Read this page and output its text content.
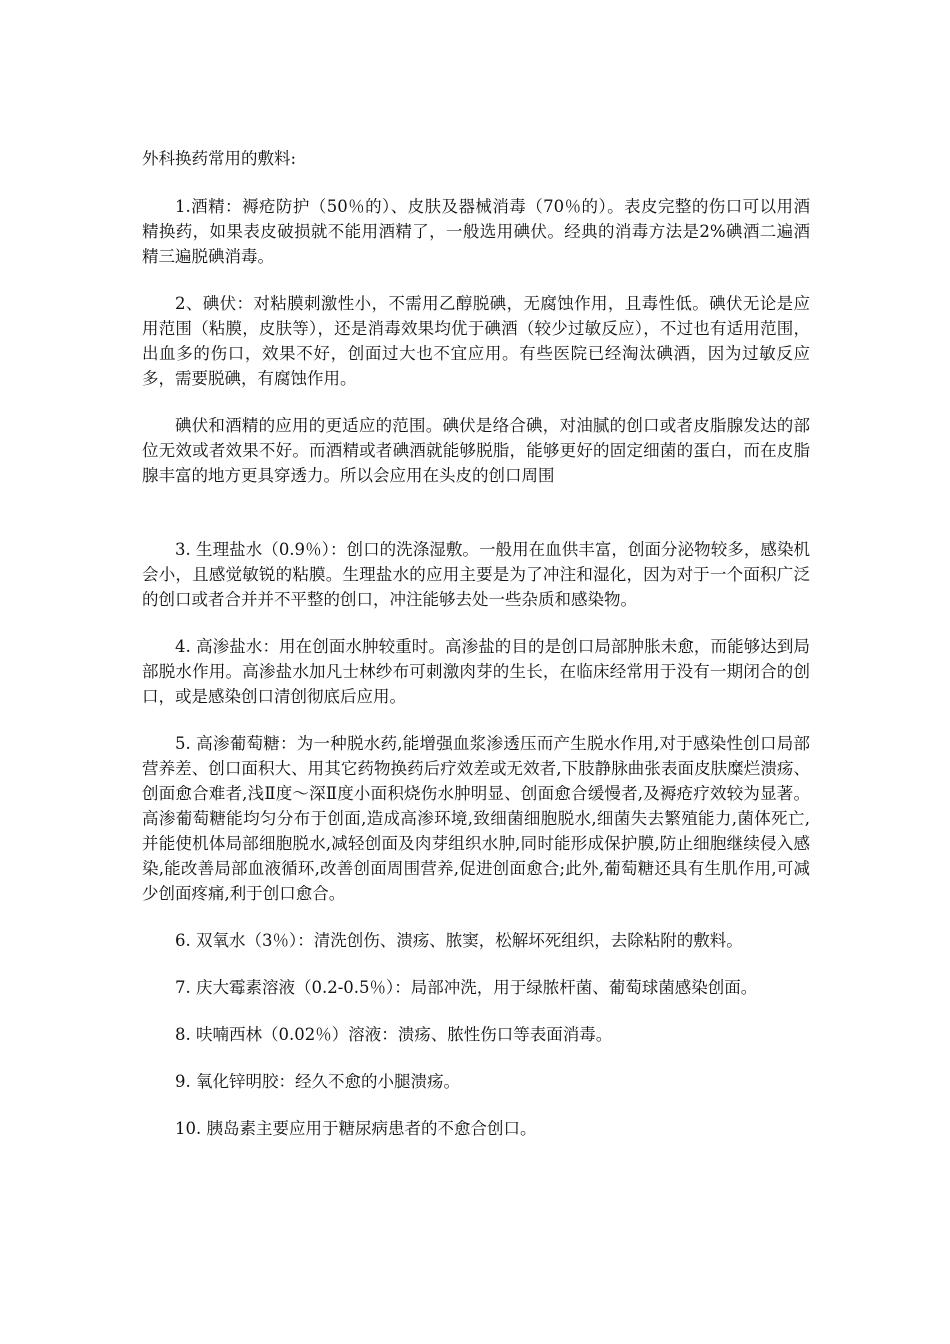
外科换药常用的敷料:

1.酒精：褥疮防护（50％的）、皮肤及器械消毒（70％的）。表皮完整的伤口可以用酒精换药，如果表皮破损就不能用酒精了，一般选用碘伏。经典的消毒方法是2%碘酒二遍酒精三遍脱碘消毒。

2、碘伏：对粘膜刺激性小，不需用乙醇脱碘，无腐蚀作用，且毒性低。碘伏无论是应用范围（粘膜，皮肤等），还是消毒效果均优于碘酒（较少过敏反应），不过也有适用范围，出血多的伤口，效果不好，创面过大也不宜应用。有些医院已经淘汰碘酒，因为过敏反应多，需要脱碘，有腐蚀作用。

碘伏和酒精的应用的更适应的范围。碘伏是络合碘，对油腻的创口或者皮脂腺发达的部位无效或者效果不好。而酒精或者碘酒就能够脱脂，能够更好的固定细菌的蛋白，而在皮脂腺丰富的地方更具穿透力。所以会应用在头皮的创口周围

3. 生理盐水（0.9％）：创口的洗涤湿敷。一般用在血供丰富，创面分泌物较多，感染机会小，且感觉敏锐的粘膜。生理盐水的应用主要是为了冲注和湿化，因为对于一个面积广泛的创口或者合并并不平整的创口，冲注能够去处一些杂质和感染物。

4. 高渗盐水：用在创面水肿较重时。高渗盐的目的是创口局部肿胀未愈，而能够达到局部脱水作用。高渗盐水加凡士林纱布可刺激肉芽的生长，在临床经常用于没有一期闭合的创口，或是感染创口清创彻底后应用。

5. 高渗葡萄糖：为一种脱水药,能增强血浆渗透压而产生脱水作用,对于感染性创口局部营养差、创口面积大、用其它药物换药后疗效差或无效者,下肢静脉曲张表面皮肤糜烂溃疡、创面愈合难者,浅Ⅱ度～深Ⅱ度小面积烧伤水肿明显、创面愈合缓慢者,及褥疮疗效较为显著。高渗葡萄糖能均匀分布于创面,造成高渗环境,致细菌细胞脱水,细菌失去繁殖能力,菌体死亡,并能使机体局部细胞脱水,减轻创面及肉芽组织水肿,同时能形成保护膜,防止细胞继续侵入感染,能改善局部血液循环,改善创面周围营养,促进创面愈合;此外,葡萄糖还具有生肌作用,可减少创面疼痛,利于创口愈合。

6. 双氧水（3％）：清洗创伤、溃疡、脓窦，松解坏死组织，去除粘附的敷料。

7. 庆大霉素溶液（0.2-0.5％）：局部冲洗，用于绿脓杆菌、葡萄球菌感染创面。

8. 呋喃西林（0.02％）溶液：溃疡、脓性伤口等表面消毒。

9. 氧化锌明胶：经久不愈的小腿溃疡。

10. 胰岛素主要应用于糖尿病患者的不愈合创口。
